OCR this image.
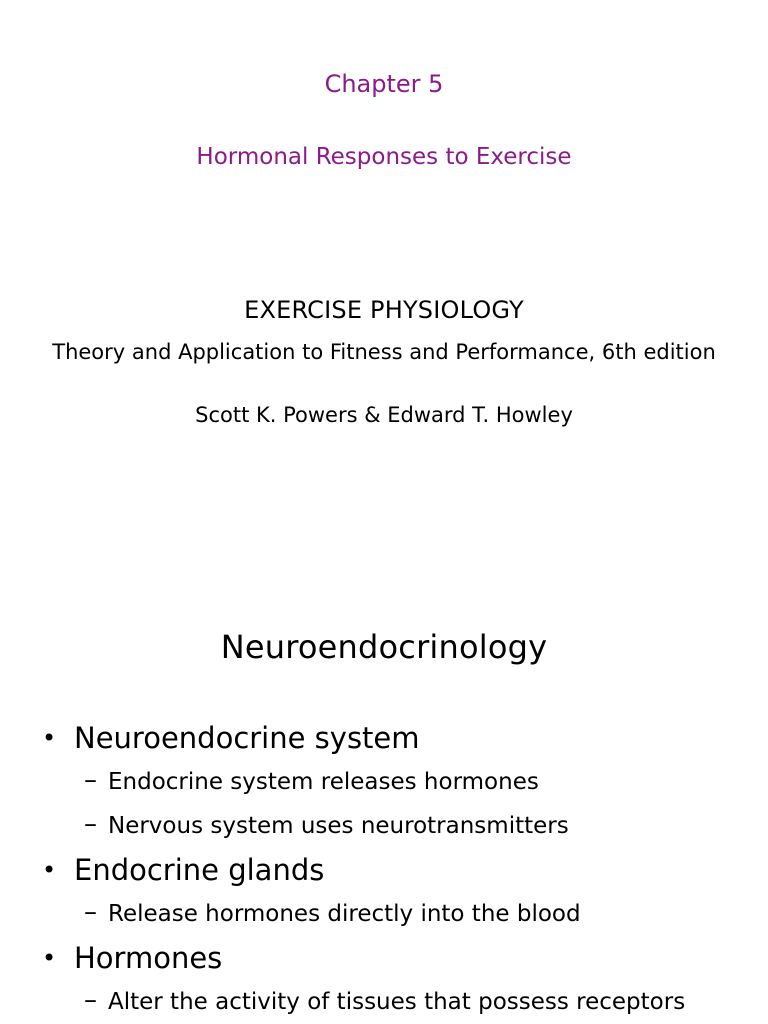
Chapter 5
Hormonal Responses to Exercise
EXERCISE PHYSIOLOGY
Theory and Application to Fitness and Performance, 6th edition
Scott K. Powers & Edward T. Howley
Neuroendocrinology
• Neuroendocrine system
– Endocrine system releases hormones
– Nervous system uses neurotransmitters
• Endocrine glands
– Release hormones directly into the blood
• Hormones
– Alter the activity of tissues that possess receptors
